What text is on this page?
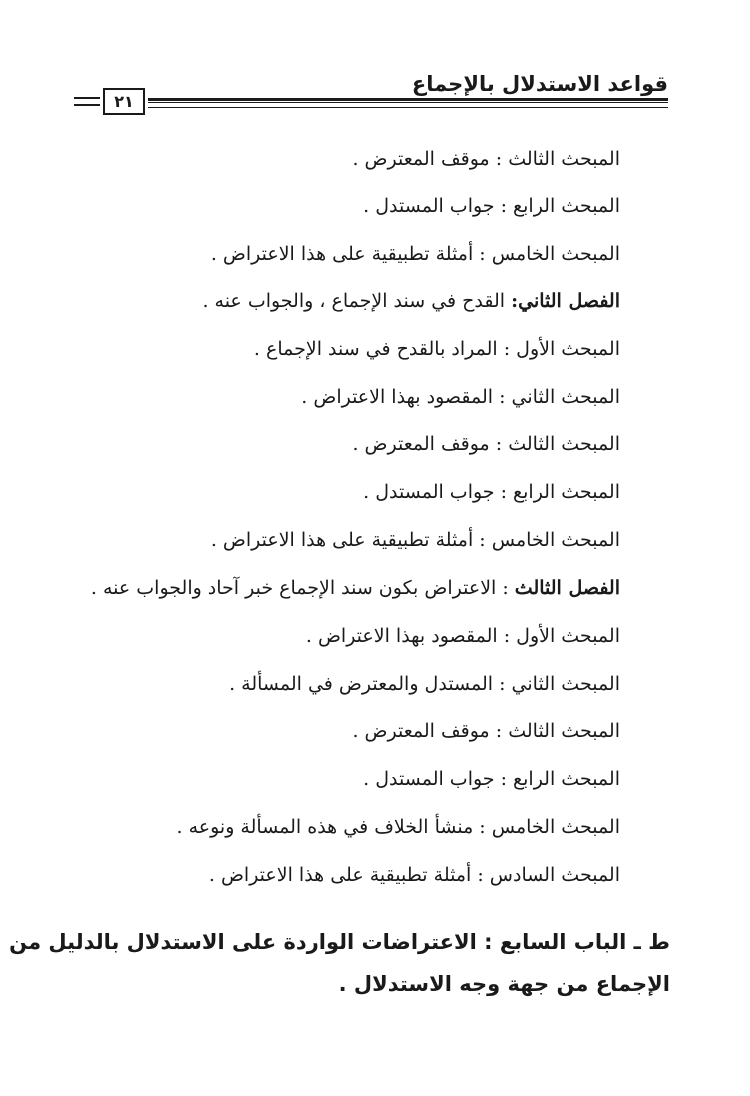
قواعد الاستدلال بالإجماع
٢١
المبحث الثالث : موقف المعترض .
المبحث الرابع : جواب المستدل .
المبحث الخامس : أمثلة تطبيقية على هذا الاعتراض .
الفصل الثاني: القدح في سند الإجماع ، والجواب عنه .
المبحث الأول : المراد بالقدح في سند الإجماع .
المبحث الثاني : المقصود بهذا الاعتراض .
المبحث الثالث : موقف المعترض .
المبحث الرابع : جواب المستدل .
المبحث الخامس : أمثلة تطبيقية على هذا الاعتراض .
الفصل الثالث : الاعتراض بكون سند الإجماع خبر آحاد والجواب عنه .
المبحث الأول : المقصود بهذا الاعتراض .
المبحث الثاني : المستدل والمعترض في المسألة .
المبحث الثالث : موقف المعترض .
المبحث الرابع : جواب المستدل .
المبحث الخامس : منشأ الخلاف في هذه المسألة ونوعه .
المبحث السادس : أمثلة تطبيقية على هذا الاعتراض .
ط ـ الباب السابع : الاعتراضات الواردة على الاستدلال بالدليل من
الإجماع من جهة وجه الاستدلال .
